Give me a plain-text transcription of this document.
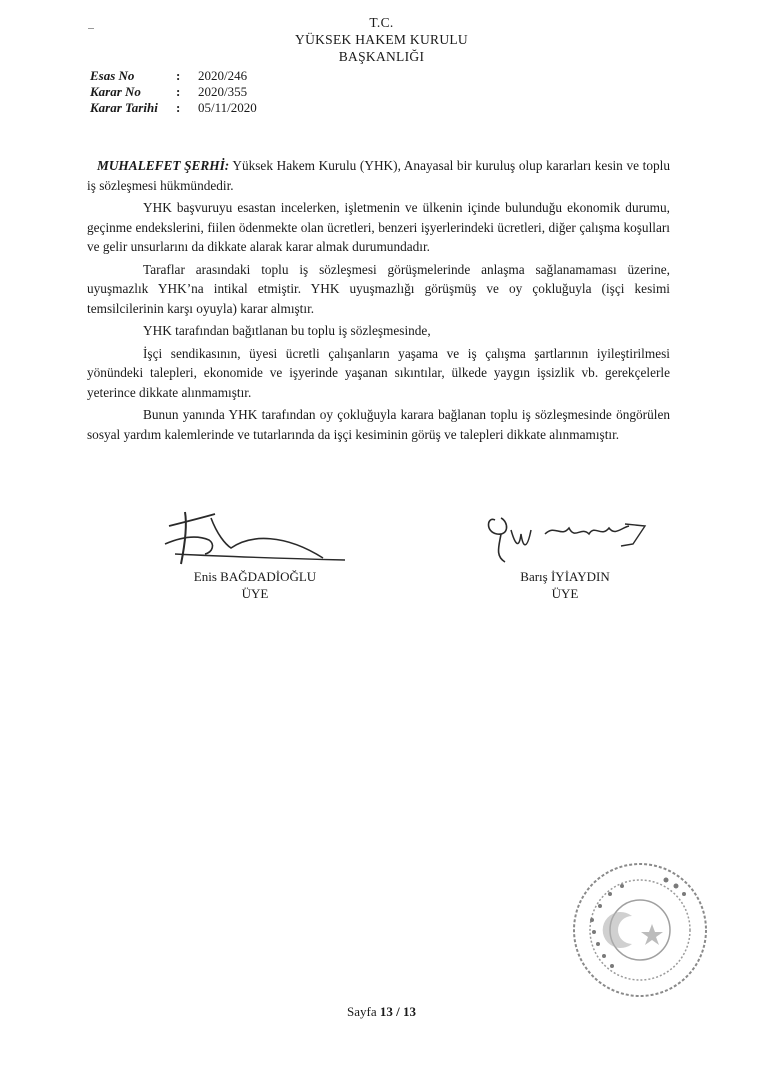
T.C.
YÜKSEK HAKEM KURULU
BAŞKANLIĞI
Esas No	:	2020/246
Karar No	:	2020/355
Karar Tarihi	:	05/11/2020

MUHALEFET ŞERHİ: Yüksek Hakem Kurulu (YHK), Anayasal bir kuruluş olup kararları kesin ve toplu iş sözleşmesi hükmündedir.

YHK başvuruyu esastan incelerken, işletmenin ve ülkenin içinde bulunduğu ekonomik durumu, geçinme endekslerini, fiilen ödenmekte olan ücretleri, benzeri işyerlerindeki ücretleri, diğer çalışma koşulları ve gelir unsurlarını da dikkate alarak karar almak durumundadır.

Taraflar arasındaki toplu iş sözleşmesi görüşmelerinde anlaşma sağlanamaması üzerine, uyuşmazlık YHK’na intikal etmiştir. YHK uyuşmazlığı görüşmüş ve oy çokluğuyla (işçi kesimi temsilcilerinin karşı oyuyla) karar almıştır.

YHK tarafından bağıtlanan bu toplu iş sözleşmesinde,

İşçi sendikasının, üyesi ücretli çalışanların yaşama ve iş çalışma şartlarının iyileştirilmesi yönündeki talepleri, ekonomide ve işyerinde yaşanan sıkıntılar, ülkede yaygın işsizlik vb. gerekçelerle yeterince dikkate alınmamıştır.

Bunun yanında YHK tarafından oy çokluğuyla karara bağlanan toplu iş sözleşmesinde öngörülen sosyal yardım kalemlerinde ve tutarlarında da işçi kesiminin görüş ve talepleri dikkate alınmamıştır.

Enis BAĞDADİOĞLU
ÜYE
Barış İYİAYDIN
ÜYE
Sayfa 13 / 13
